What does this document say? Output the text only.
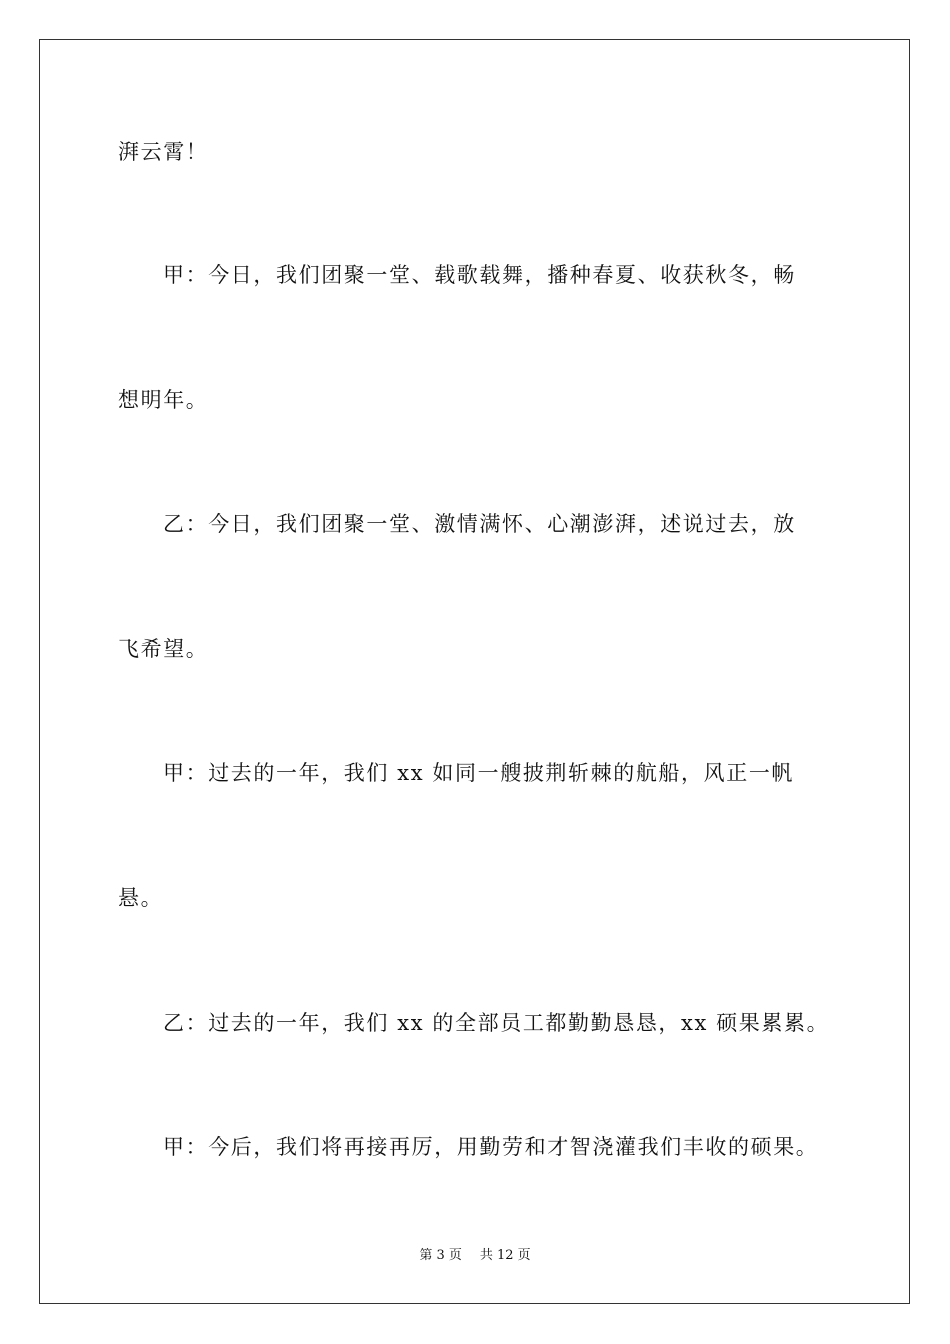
湃云霄！
甲：今日，我们团聚一堂、载歌载舞，播种春夏、收获秋冬，畅
想明年。
乙：今日，我们团聚一堂、激情满怀、心潮澎湃，述说过去，放
飞希望。
甲：过去的一年，我们 xx 如同一艘披荆斩棘的航船，风正一帆
悬。
乙：过去的一年，我们 xx 的全部员工都勤勤恳恳，xx 硕果累累。
甲：今后，我们将再接再厉，用勤劳和才智浇灌我们丰收的硕果。
第 3 页 共 12 页
